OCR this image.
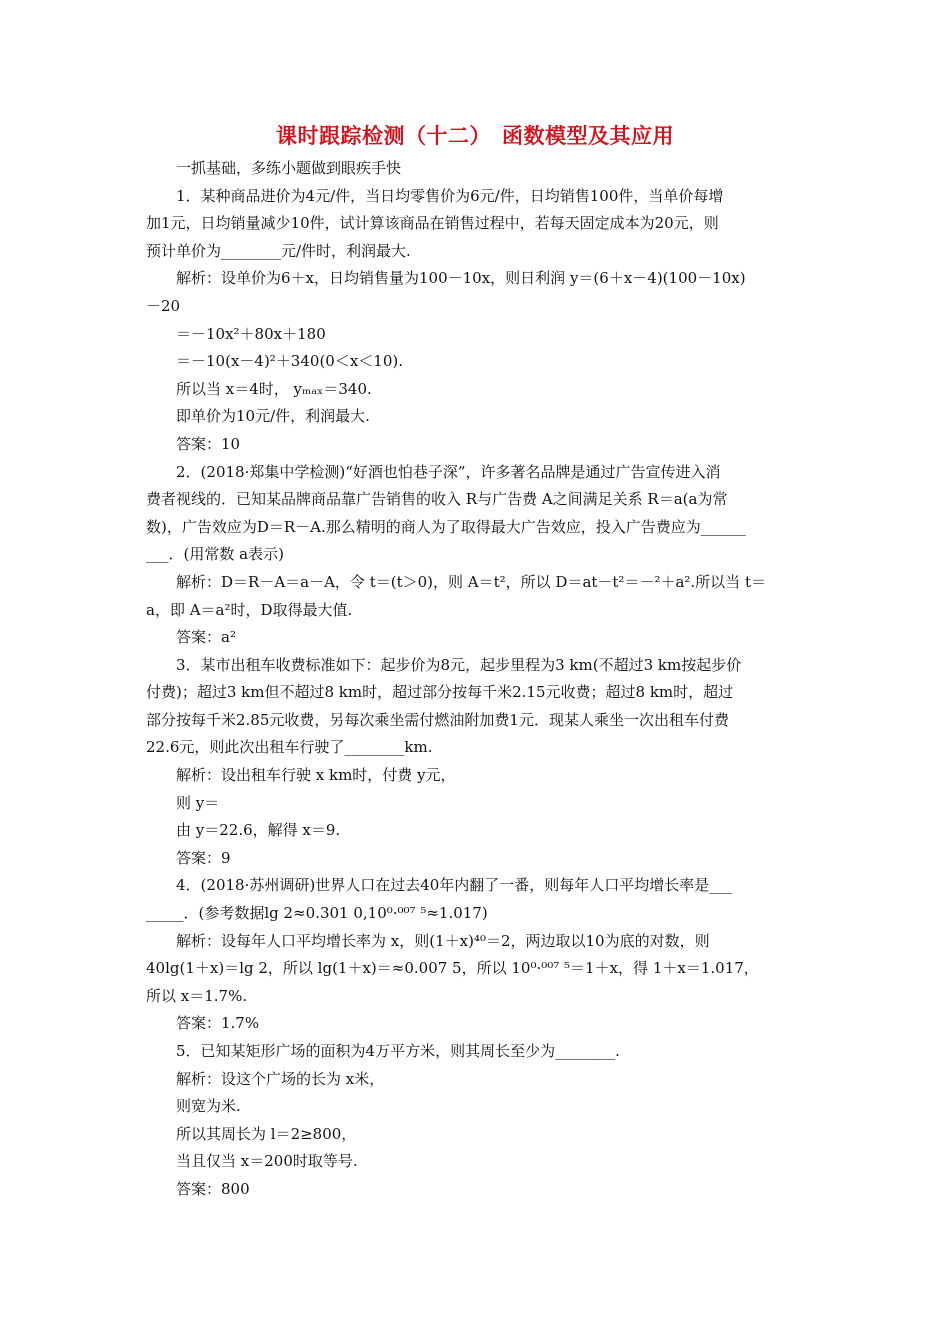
课时跟踪检测（十二）　函数模型及其应用
一抓基础，多练小题做到眼疾手快
1．某种商品进价为4元/件，当日均零售价为6元/件，日均销售100件，当单价每增
加1元，日均销量减少10件，试计算该商品在销售过程中，若每天固定成本为20元，则
预计单价为________元/件时，利润最大.
解析：设单价为6＋x，日均销售量为100－10x，则日利润 y＝(6＋x－4)(100－10x)
－20
＝－10x²＋80x＋180
＝－10(x－4)²＋340(0＜x＜10).
所以当 x＝4时， yₘₐₓ＝340.
即单价为10元/件，利润最大.
答案：10
2．(2018·郑集中学检测)“好酒也怕巷子深”，许多著名品牌是通过广告宣传进入消
费者视线的．已知某品牌商品靠广告销售的收入 R与广告费 A之间满足关系 R＝a(a为常
数)，广告效应为D＝R－A.那么精明的商人为了取得最大广告效应，投入广告费应为______
___．(用常数 a表示)
解析：D＝R－A＝a－A，令 t＝(t＞0)，则 A＝t²，所以 D＝at－t²＝－²＋a².所以当 t＝
a，即 A＝a²时，D取得最大值.
答案：a²
3．某市出租车收费标准如下：起步价为8元，起步里程为3 km(不超过3 km按起步价
付费)；超过3 km但不超过8 km时，超过部分按每千米2.15元收费；超过8 km时，超过
部分按每千米2.85元收费，另每次乘坐需付燃油附加费1元．现某人乘坐一次出租车付费
22.6元，则此次出租车行驶了________km.
解析：设出租车行驶 x km时，付费 y元，
则 y＝
由 y＝22.6，解得 x＝9.
答案：9
4．(2018·苏州调研)世界人口在过去40年内翻了一番，则每年人口平均增长率是___
_____．(参考数据lg 2≈0.301 0,10⁰·⁰⁰⁷ ⁵≈1.017)
解析：设每年人口平均增长率为 x，则(1＋x)⁴⁰＝2，两边取以10为底的对数，则
40lg(1＋x)＝lg 2，所以 lg(1＋x)＝≈0.007 5，所以 10⁰·⁰⁰⁷ ⁵＝1＋x，得 1＋x＝1.017，
所以 x＝1.7%.
答案：1.7%
5．已知某矩形广场的面积为4万平方米，则其周长至少为________.
解析：设这个广场的长为 x米，
则宽为米.
所以其周长为 l＝2≥800，
当且仅当 x＝200时取等号.
答案：800
